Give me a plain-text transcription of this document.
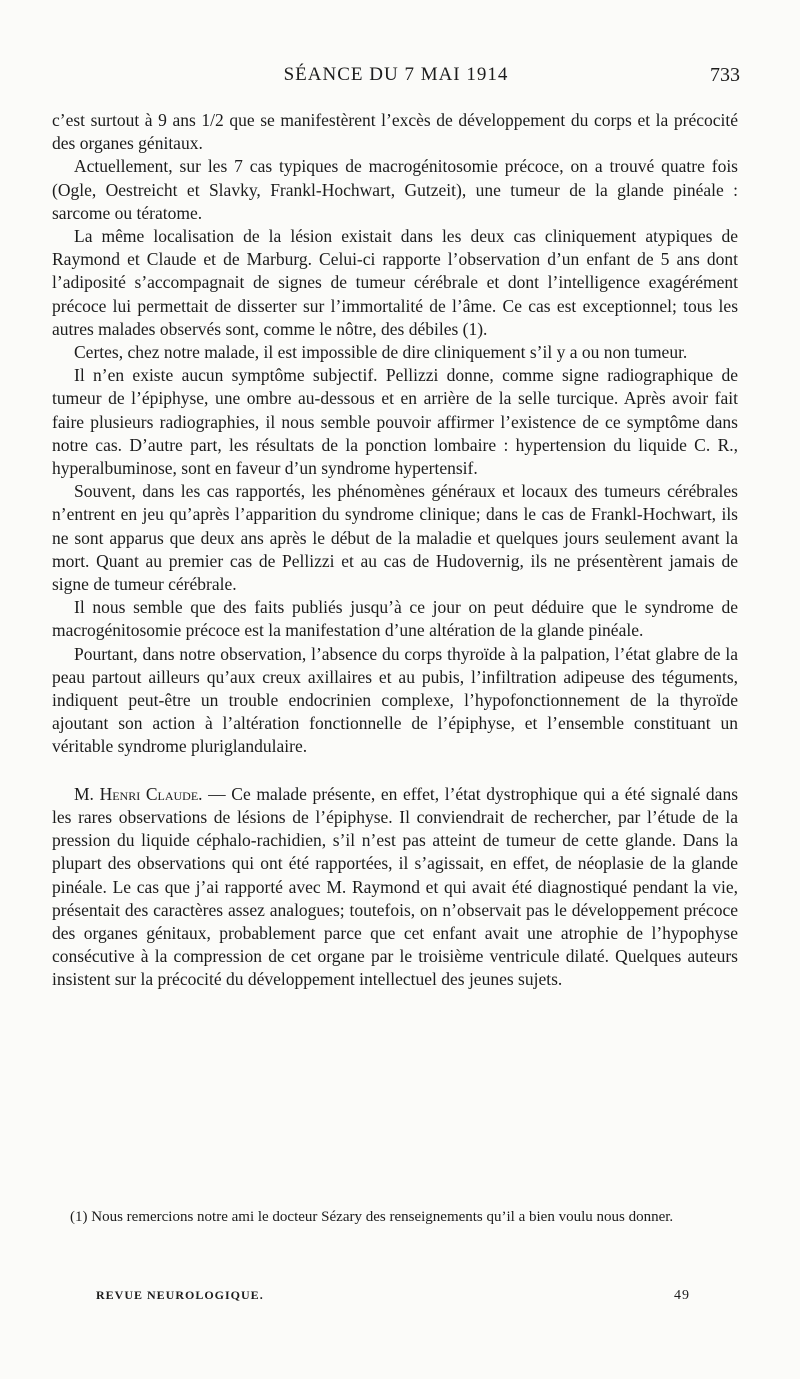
SÉANCE DU 7 MAI 1914	733

c’est surtout à 9 ans 1/2 que se manifestèrent l’excès de développement du corps et la précocité des organes génitaux.

Actuellement, sur les 7 cas typiques de macrogénitosomie précoce, on a trouvé quatre fois (Ogle, Oestreicht et Slavky, Frankl-Hochwart, Gutzeit), une tumeur de la glande pinéale : sarcome ou tératome.

La même localisation de la lésion existait dans les deux cas cliniquement atypiques de Raymond et Claude et de Marburg. Celui-ci rapporte l’observation d’un enfant de 5 ans dont l’adiposité s’accompagnait de signes de tumeur cérébrale et dont l’intelligence exagérément précoce lui permettait de disserter sur l’immortalité de l’âme. Ce cas est exceptionnel; tous les autres malades observés sont, comme le nôtre, des débiles (1).

Certes, chez notre malade, il est impossible de dire cliniquement s’il y a ou non tumeur.

Il n’en existe aucun symptôme subjectif. Pellizzi donne, comme signe radiographique de tumeur de l’épiphyse, une ombre au-dessous et en arrière de la selle turcique. Après avoir fait faire plusieurs radiographies, il nous semble pouvoir affirmer l’existence de ce symptôme dans notre cas. D’autre part, les résultats de la ponction lombaire : hypertension du liquide C. R., hyperalbuminose, sont en faveur d’un syndrome hypertensif.

Souvent, dans les cas rapportés, les phénomènes généraux et locaux des tumeurs cérébrales n’entrent en jeu qu’après l’apparition du syndrome clinique; dans le cas de Frankl-Hochwart, ils ne sont apparus que deux ans après le début de la maladie et quelques jours seulement avant la mort. Quant au premier cas de Pellizzi et au cas de Hudovernig, ils ne présentèrent jamais de signe de tumeur cérébrale.

Il nous semble que des faits publiés jusqu’à ce jour on peut déduire que le syndrome de macrogénitosomie précoce est la manifestation d’une altération de la glande pinéale.

Pourtant, dans notre observation, l’absence du corps thyroïde à la palpation, l’état glabre de la peau partout ailleurs qu’aux creux axillaires et au pubis, l’infiltration adipeuse des téguments, indiquent peut-être un trouble endocrinien complexe, l’hypofonctionnement de la thyroïde ajoutant son action à l’altération fonctionnelle de l’épiphyse, et l’ensemble constituant un véritable syndrome pluriglandulaire.

M. Henri Claude. — Ce malade présente, en effet, l’état dystrophique qui a été signalé dans les rares observations de lésions de l’épiphyse. Il conviendrait de rechercher, par l’étude de la pression du liquide céphalo-rachidien, s’il n’est pas atteint de tumeur de cette glande. Dans la plupart des observations qui ont été rapportées, il s’agissait, en effet, de néoplasie de la glande pinéale. Le cas que j’ai rapporté avec M. Raymond et qui avait été diagnostiqué pendant la vie, présentait des caractères assez analogues; toutefois, on n’observait pas le développement précoce des organes génitaux, probablement parce que cet enfant avait une atrophie de l’hypophyse consécutive à la compression de cet organe par le troisième ventricule dilaté. Quelques auteurs insistent sur la précocité du développement intellectuel des jeunes sujets.

(1) Nous remercions notre ami le docteur Sézary des renseignements qu’il a bien voulu nous donner.

REVUE NEUROLOGIQUE.	49
